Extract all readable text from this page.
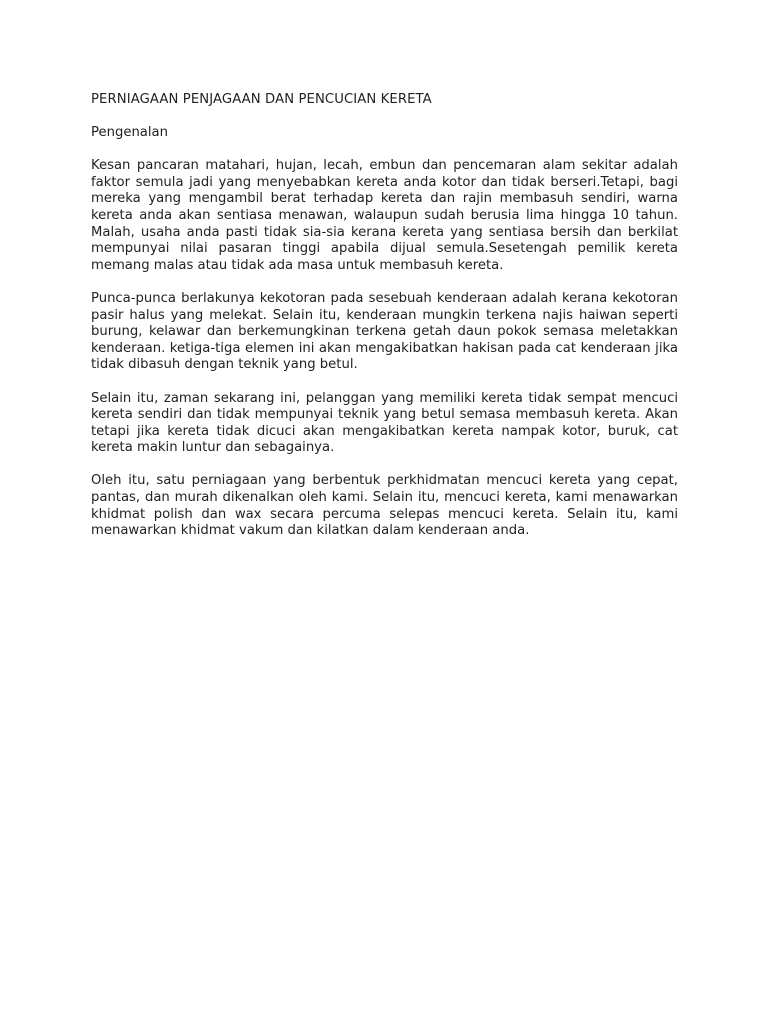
PERNIAGAAN PENJAGAAN DAN PENCUCIAN KERETA
Pengenalan

Kesan pancaran matahari, hujan, lecah, embun dan pencemaran alam sekitar adalah faktor semula jadi yang menyebabkan kereta anda kotor dan tidak berseri.Tetapi, bagi mereka yang mengambil berat terhadap kereta dan rajin membasuh sendiri, warna kereta anda akan sentiasa menawan, walaupun sudah berusia lima hingga 10 tahun. Malah, usaha anda pasti tidak sia-sia kerana kereta yang sentiasa bersih dan berkilat mempunyai nilai pasaran tinggi apabila dijual semula.Sesetengah pemilik kereta memang malas atau tidak ada masa untuk membasuh kereta.

Punca-punca berlakunya kekotoran pada sesebuah kenderaan adalah kerana kekotoran pasir halus yang melekat. Selain itu, kenderaan mungkin terkena najis haiwan seperti burung, kelawar dan berkemungkinan terkena getah daun pokok semasa meletakkan kenderaan. ketiga-tiga elemen ini akan mengakibatkan hakisan pada cat kenderaan jika tidak dibasuh dengan teknik yang betul.

Selain itu, zaman sekarang ini, pelanggan yang memiliki kereta tidak sempat mencuci kereta sendiri dan tidak mempunyai teknik yang betul semasa membasuh kereta. Akan tetapi jika kereta tidak dicuci akan mengakibatkan kereta nampak kotor, buruk, cat kereta makin luntur dan sebagainya.

Oleh itu, satu perniagaan yang berbentuk perkhidmatan mencuci kereta yang cepat, pantas, dan murah dikenalkan oleh kami. Selain itu, mencuci kereta, kami menawarkan khidmat polish dan wax secara percuma selepas mencuci kereta. Selain itu, kami menawarkan khidmat vakum dan kilatkan dalam kenderaan anda.
